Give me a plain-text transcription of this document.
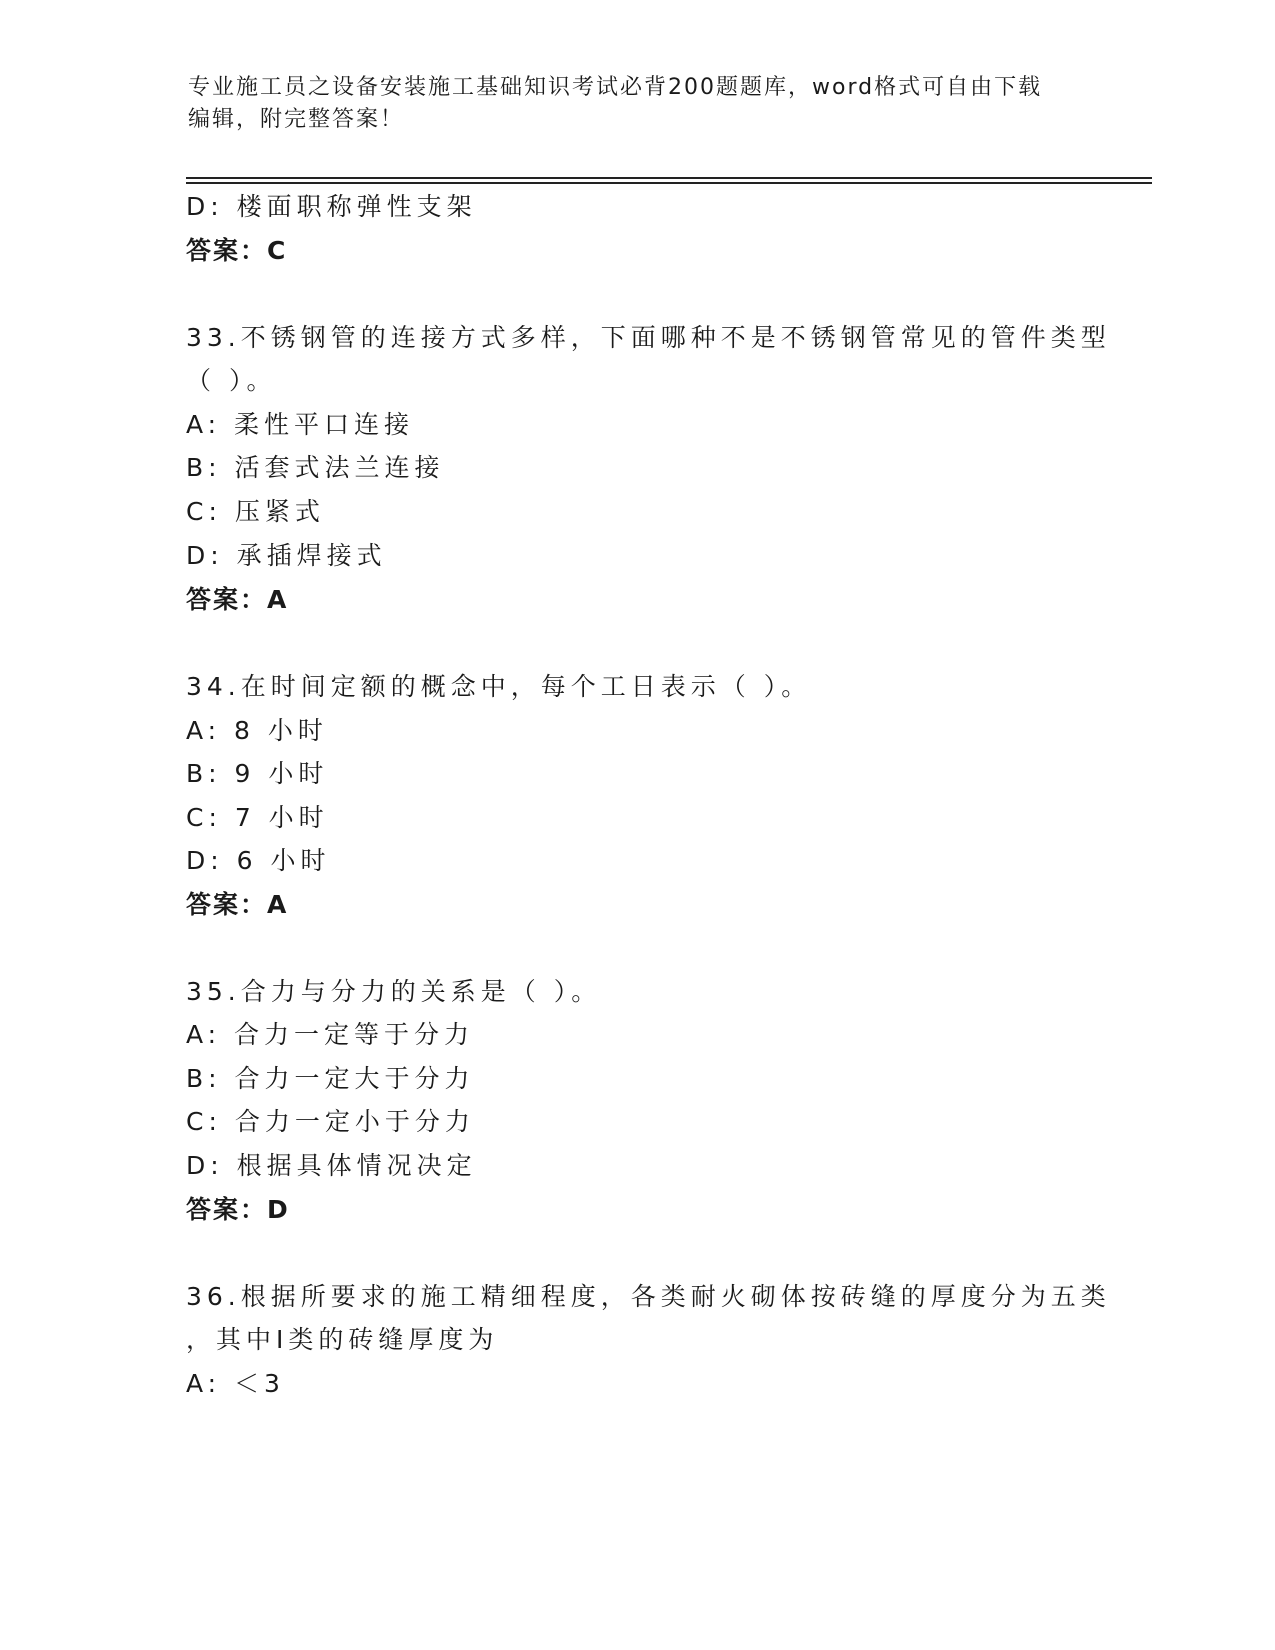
专业施工员之设备安装施工基础知识考试必背200题题库，word格式可自由下载
编辑，附完整答案！
D: 楼面职称弹性支架
答案：C
33.不锈钢管的连接方式多样，下面哪种不是不锈钢管常见的管件类型
（ ）。
A: 柔性平口连接
B: 活套式法兰连接
C: 压紧式
D: 承插焊接式
答案：A
34.在时间定额的概念中，每个工日表示（ ）。
A: 8 小时
B: 9 小时
C: 7 小时
D: 6 小时
答案：A
35.合力与分力的关系是（ ）。
A: 合力一定等于分力
B: 合力一定大于分力
C: 合力一定小于分力
D: 根据具体情况决定
答案：D
36.根据所要求的施工精细程度，各类耐火砌体按砖缝的厚度分为五类
，其中Ⅰ类的砖缝厚度为
A: ＜3
